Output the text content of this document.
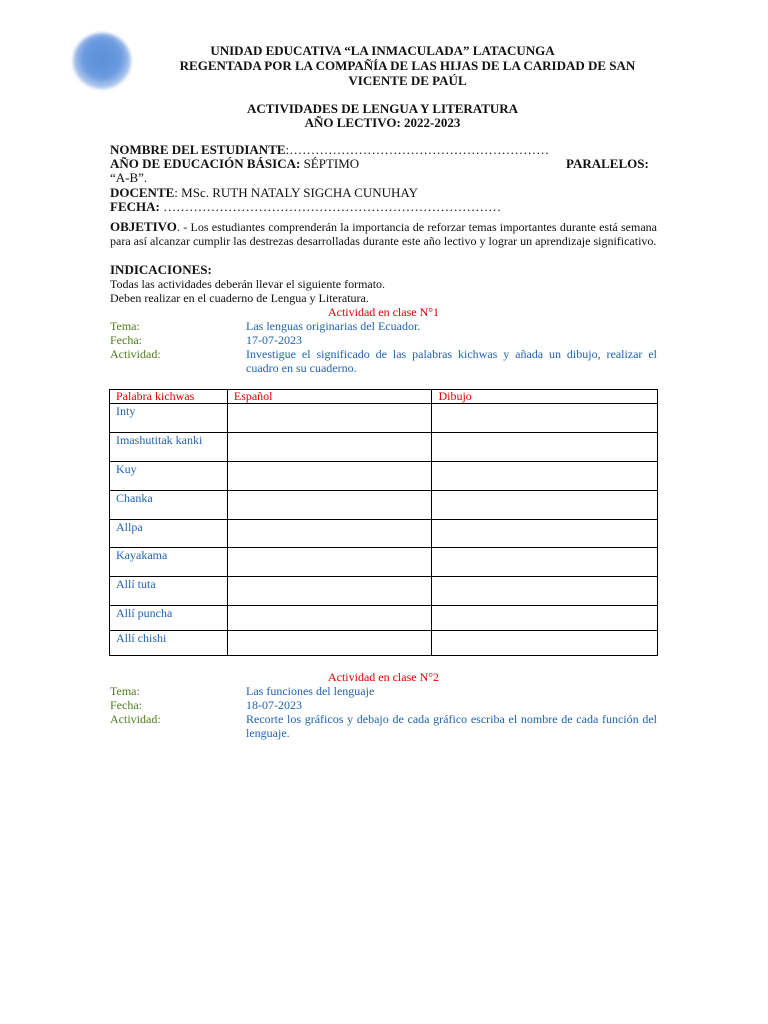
UNIDAD EDUCATIVA “LA INMACULADA” LATACUNGA
REGENTADA POR LA COMPAÑÍA DE LAS HIJAS DE LA CARIDAD DE SAN
VICENTE DE PAÚL
ACTIVIDADES DE LENGUA Y LITERATURA
AÑO LECTIVO: 2022-2023
NOMBRE DEL ESTUDIANTE:……………………………………………………
AÑO DE EDUCACIÓN BÁSICA: SÉPTIMO	PARALELOS:
“A-B”.
DOCENTE: MSc. RUTH NATALY SIGCHA CUNUHAY
FECHA: ……………………………………………………………………
OBJETIVO. - Los estudiantes comprenderán la importancia de reforzar temas importantes durante está semana para así alcanzar cumplir las destrezas desarrolladas durante este año lectivo y lograr un aprendizaje significativo.
INDICACIONES:
Todas las actividades deberán llevar el siguiente formato.
Deben realizar en el cuaderno de Lengua y Literatura.
Actividad en clase N°1
Tema:	Las lenguas originarias del Ecuador.
Fecha:	17-07-2023
Actividad:	Investigue el significado de las palabras kichwas y añada un dibujo, realizar el cuadro en su cuaderno.
Palabra kichwas	Español	Dibujo
Inty		
Imashutitak kanki		
Kuy		
Chanka		
Allpa		
Kayakama		
Allí tuta		
Allí puncha		
Allí chishi		
Actividad en clase N°2
Tema:	Las funciones del lenguaje
Fecha:	18-07-2023
Actividad:	Recorte los gráficos y debajo de cada gráfico escriba el nombre de cada función del lenguaje.
